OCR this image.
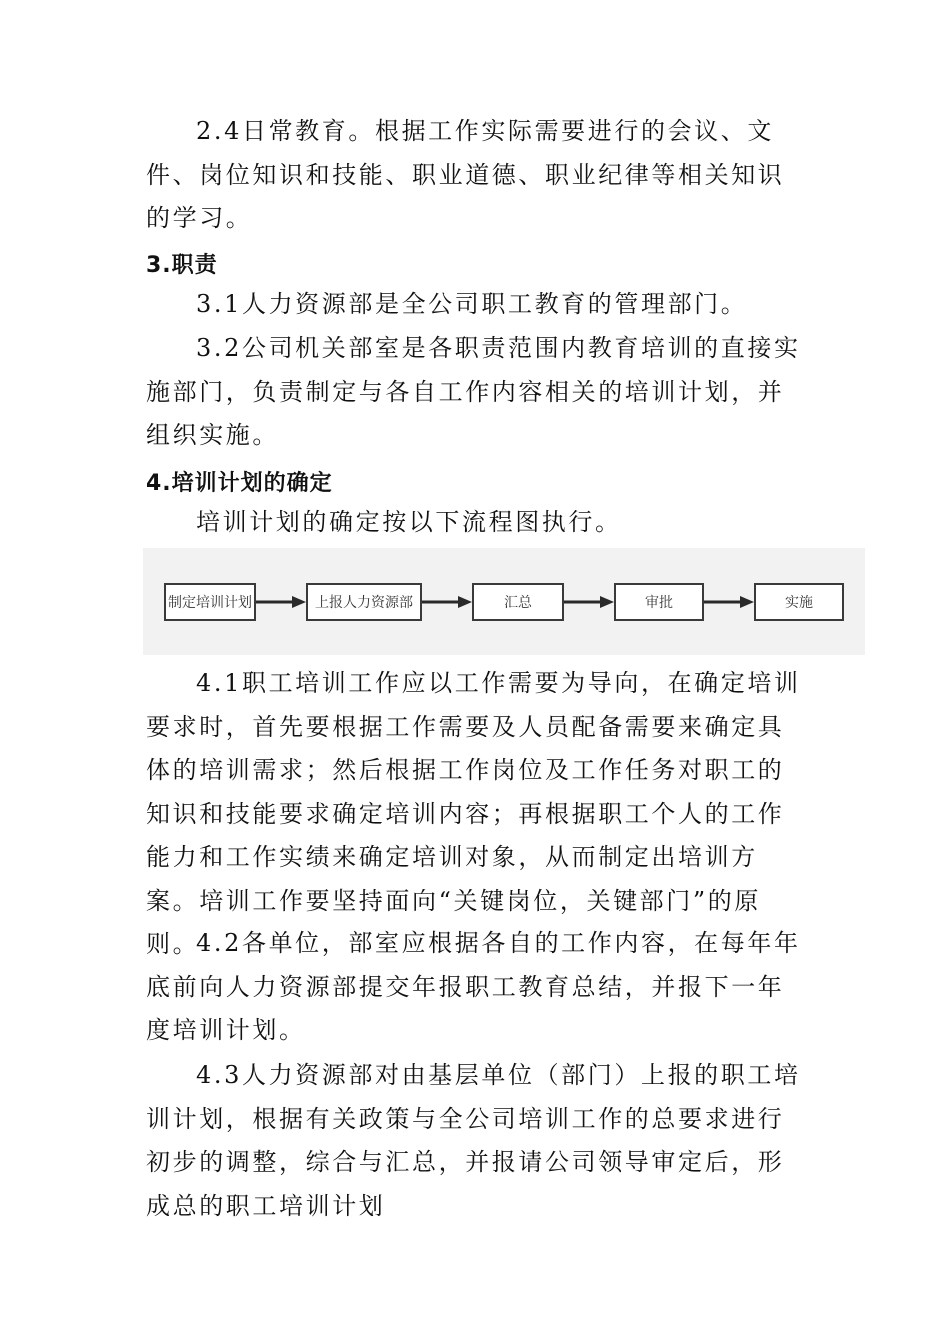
2.4日常教育。根据工作实际需要进行的会议、文件、岗位知识和技能、职业道德、职业纪律等相关知识的学习。

3.职责

3.1人力资源部是全公司职工教育的管理部门。

3.2公司机关部室是各职责范围内教育培训的直接实施部门，负责制定与各自工作内容相关的培训计划，并组织实施。

4.培训计划的确定

培训计划的确定按以下流程图执行。

制定培训计划	上报人力资源部	汇总	审批	实施

4.1职工培训工作应以工作需要为导向，在确定培训要求时，首先要根据工作需要及人员配备需要来确定具体的培训需求；然后根据工作岗位及工作任务对职工的知识和技能要求确定培训内容；再根据职工个人的工作能力和工作实绩来确定培训对象，从而制定出培训方案。培训工作要坚持面向“关键岗位，关键部门”的原则。

4.2各单位，部室应根据各自的工作内容，在每年年底前向人力资源部提交年报职工教育总结，并报下一年度培训计划。

4.3人力资源部对由基层单位（部门）上报的职工培训计划，根据有关政策与全公司培训工作的总要求进行初步的调整，综合与汇总，并报请公司领导审定后，形成总的职工培训计划
